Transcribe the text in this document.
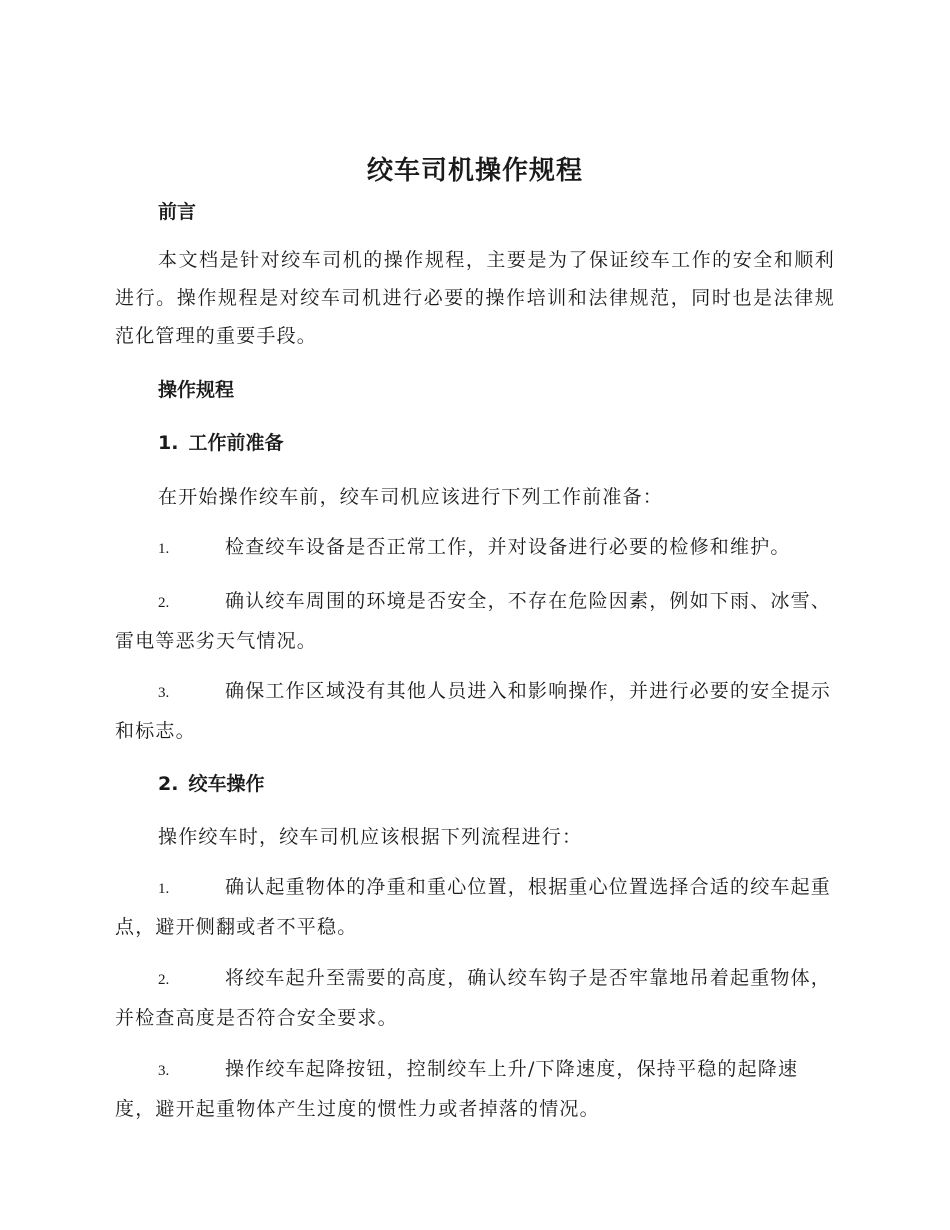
绞车司机操作规程
前言

本文档是针对绞车司机的操作规程，主要是为了保证绞车工作的安全和顺利进行。操作规程是对绞车司机进行必要的操作培训和法律规范，同时也是法律规范化管理的重要手段。

操作规程
1. 工作前准备

在开始操作绞车前，绞车司机应该进行下列工作前准备：

1.	检查绞车设备是否正常工作，并对设备进行必要的检修和维护。

2.	确认绞车周围的环境是否安全，不存在危险因素，例如下雨、冰雪、雷电等恶劣天气情况。

3.	确保工作区域没有其他人员进入和影响操作，并进行必要的安全提示和标志。

2. 绞车操作

操作绞车时，绞车司机应该根据下列流程进行：

1.	确认起重物体的净重和重心位置，根据重心位置选择合适的绞车起重点，避开侧翻或者不平稳。

2.	将绞车起升至需要的高度，确认绞车钩子是否牢靠地吊着起重物体，并检查高度是否符合安全要求。

3.	操作绞车起降按钮，控制绞车上升/下降速度，保持平稳的起降速度，避开起重物体产生过度的惯性力或者掉落的情况。
